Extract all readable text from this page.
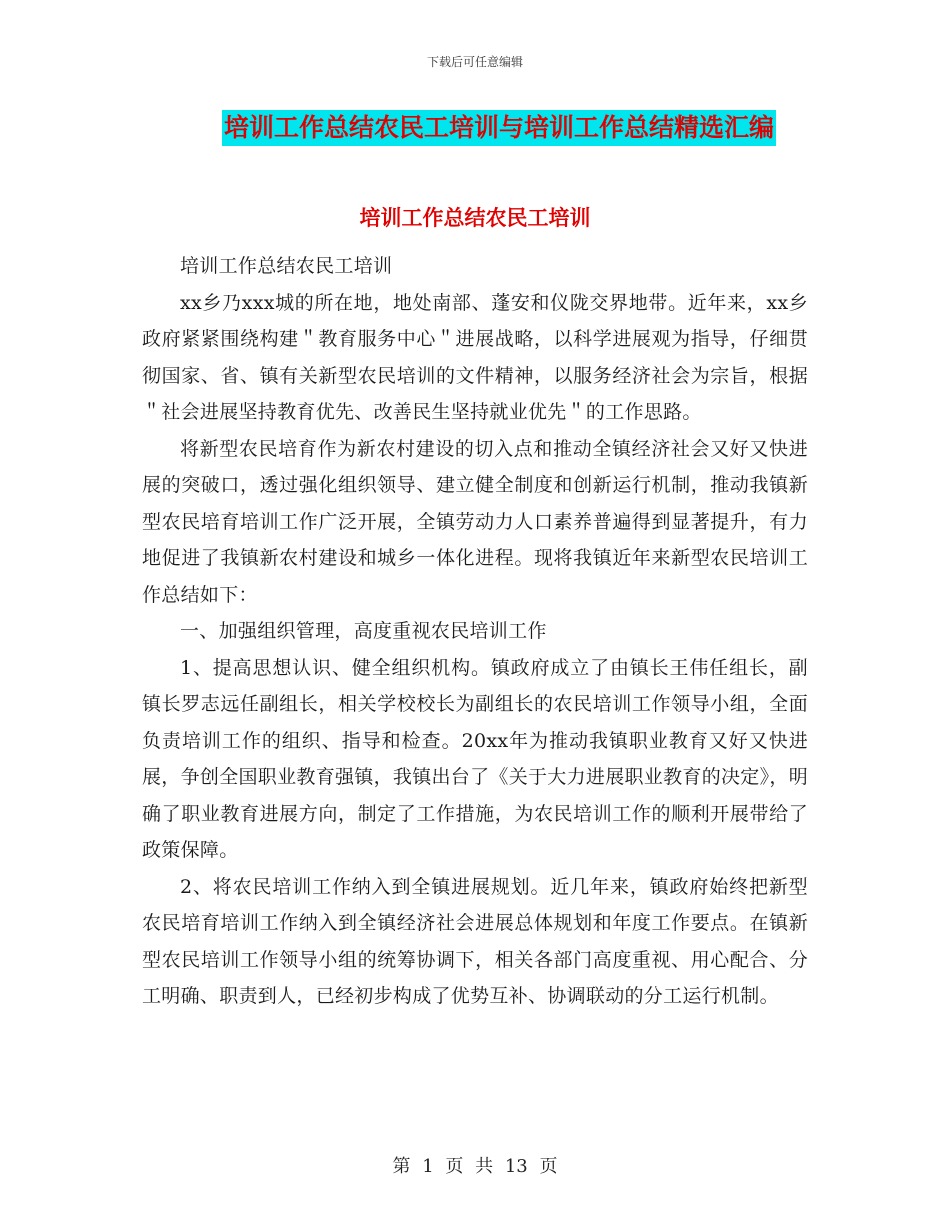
下载后可任意编辑
培训工作总结农民工培训与培训工作总结精选汇编
培训工作总结农民工培训

培训工作总结农民工培训

xx乡乃xxx城的所在地，地处南部、蓬安和仪陇交界地带。近年来，xx乡政府紧紧围绕构建＂教育服务中心＂进展战略，以科学进展观为指导，仔细贯彻国家、省、镇有关新型农民培训的文件精神，以服务经济社会为宗旨，根据＂社会进展坚持教育优先、改善民生坚持就业优先＂的工作思路。

将新型农民培育作为新农村建设的切入点和推动全镇经济社会又好又快进展的突破口，透过强化组织领导、建立健全制度和创新运行机制，推动我镇新型农民培育培训工作广泛开展，全镇劳动力人口素养普遍得到显著提升，有力地促进了我镇新农村建设和城乡一体化进程。现将我镇近年来新型农民培训工作总结如下：

一、加强组织管理，高度重视农民培训工作

1、提高思想认识、健全组织机构。镇政府成立了由镇长王伟任组长，副镇长罗志远任副组长，相关学校校长为副组长的农民培训工作领导小组，全面负责培训工作的组织、指导和检查。20xx年为推动我镇职业教育又好又快进展，争创全国职业教育强镇，我镇出台了《关于大力进展职业教育的决定》，明确了职业教育进展方向，制定了工作措施，为农民培训工作的顺利开展带给了政策保障。

2、将农民培训工作纳入到全镇进展规划。近几年来，镇政府始终把新型农民培育培训工作纳入到全镇经济社会进展总体规划和年度工作要点。在镇新型农民培训工作领导小组的统筹协调下，相关各部门高度重视、用心配合、分工明确、职责到人，已经初步构成了优势互补、协调联动的分工运行机制。

第 1 页 共 13 页
